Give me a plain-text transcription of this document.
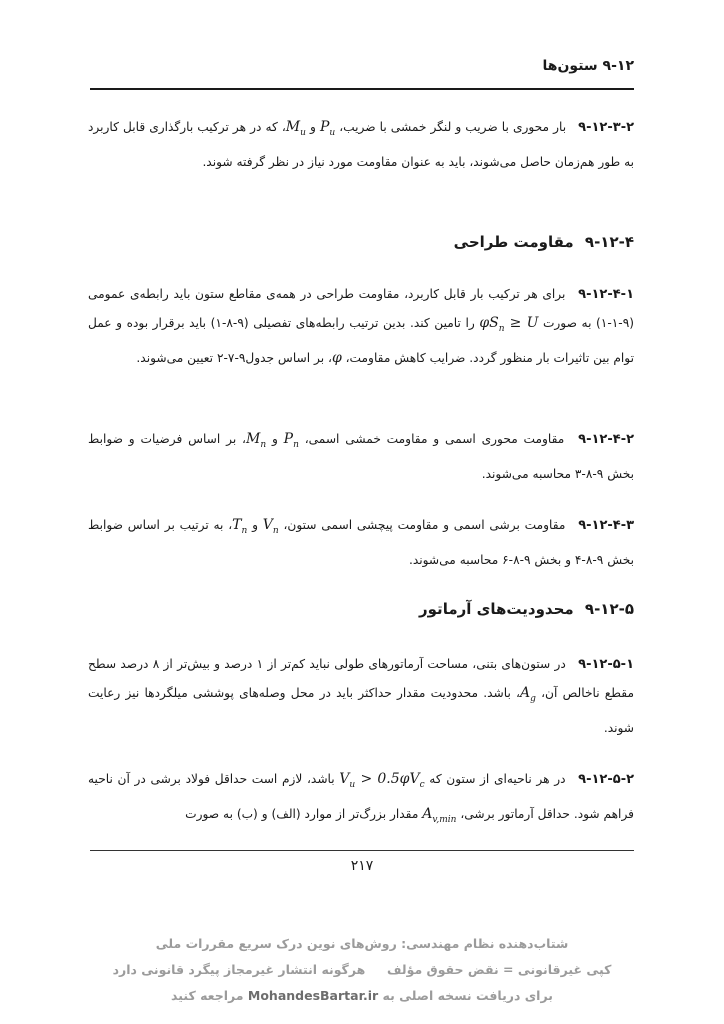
۹-۱۲ ستون‌ها
۹-۱۲-۳-۲ بار محوری با ضریب و لنگر خمشی با ضریب، $P_u$ و $M_u،$ که در هر ترکیب بارگذاری قابل کاربرد به طور هم‌زمان حاصل می‌شوند، باید به عنوان مقاومت مورد نیاز در نظر گرفته شوند.
۹-۱۲-۴ مقاومت طراحی
۹-۱۲-۴-۱ برای هر ترکیب بار قابل کاربرد، مقاومت طراحی در همه‌ی مقاطع ستون باید رابطه‌ی عمومی (۹-۱-۱) به صورت $\varphi S_n \ge U$ را تامین کند. بدین ترتیب رابطه‌های تفصیلی (۹-۸-۱) باید برقرار بوده و عمل توام بین تاثیرات بار منظور گردد. ضرایب کاهش مقاومت، φ، بر اساس جدول۹-۷-۲ تعیین می‌شوند.
۹-۱۲-۴-۲ مقاومت محوری اسمی و مقاومت خمشی اسمی، $P_n$ و $M_n،$ بر اساس فرضیات و ضوابط بخش ۹-۸-۳ محاسبه می‌شوند.
۹-۱۲-۴-۳ مقاومت برشی اسمی و مقاومت پیچشی اسمی ستون، $V_n$ و $T_n،$ به ترتیب بر اساس ضوابط بخش ۹-۸-۴ و بخش ۹-۸-۶ محاسبه می‌شوند.
۹-۱۲-۵ محدودیت‌های آرماتور
۹-۱۲-۵-۱ در ستون‌های بتنی، مساحت آرماتورهای طولی نباید کم‌تر از ۱ درصد و بیش‌تر از ۸ درصد سطح مقطع ناخالص آن، $A_g،$ باشد. محدودیت مقدار حداکثر باید در محل وصله‌های پوششی میلگردها نیز رعایت شوند.
۹-۱۲-۵-۲ در هر ناحیه‌ای از ستون که $V_u > 0.5\varphi V_c$ باشد، لازم است حداقل فولاد برشی در آن ناحیه فراهم شود. حداقل آرماتور برشی، $A_{v,min}$ مقدار بزرگ‌تر از موارد (الف) و (ب) به صورت
۲۱۷
شتاب‌دهنده نظام مهندسی: روش‌های نوین درک سریع مقررات ملی
کپی غیرقانونی = نقض حقوق مؤلف     هرگونه انتشار غیرمجاز پیگرد قانونی دارد
برای دریافت نسخه اصلی به MohandesBartar.ir مراجعه کنید
